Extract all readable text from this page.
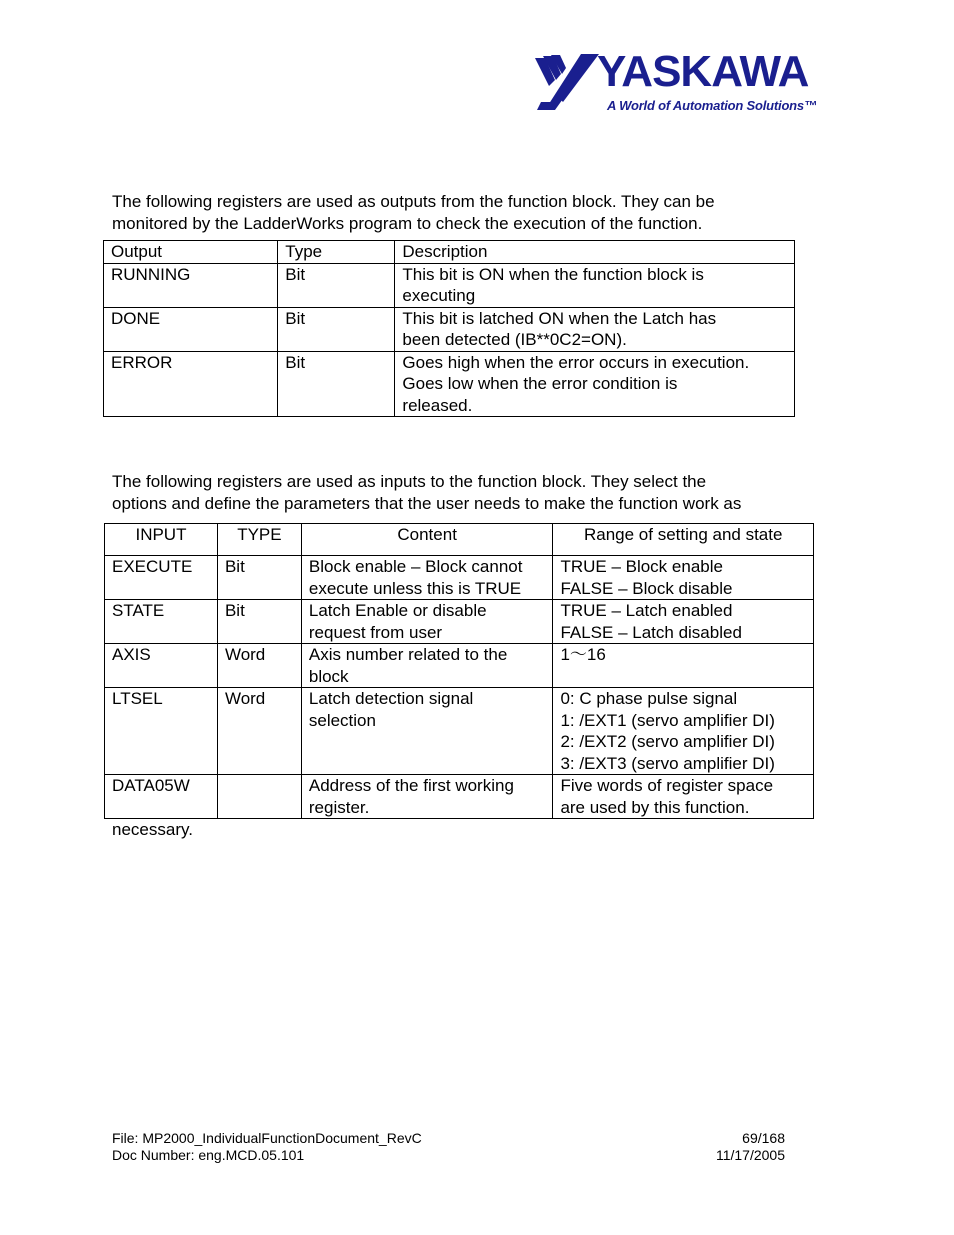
YASKAWA
A World of Automation Solutions™

The following registers are used as outputs from the function block. They can be

monitored by the LadderWorks program to check the execution of the function.

Output	Type	Description
RUNNING	Bit	This bit is ON when the function block is
executing

DONE	Bit	This bit is latched ON when the Latch has
been detected (IB**0C2=ON).

ERROR	Bit	Goes high when the error occurs in execution.
Goes low when the error condition is
released.

The following registers are used as inputs to the function block. They select the

options and define the parameters that the user needs to make the function work as

INPUT	TYPE	Content	Range of setting and state
EXECUTE	Bit	Block enable – Block cannot
execute unless this is TRUE	TRUE – Block enable
FALSE – Block disable

STATE	Bit	Latch Enable or disable
request from user	TRUE – Latch enabled
FALSE – Latch disabled

AXIS	Word	Axis number related to the
block	1～16

LTSEL	Word	Latch detection signal
selection	0: C phase pulse signal
1: /EXT1 (servo amplifier DI)
2: /EXT2 (servo amplifier DI)
3: /EXT3 (servo amplifier DI)

DATA05W		Address of the first working
register.	Five words of register space
are used by this function.

necessary.

File: MP2000_IndividualFunctionDocument_RevC
Doc Number: eng.MCD.05.101
69/168
11/17/2005
